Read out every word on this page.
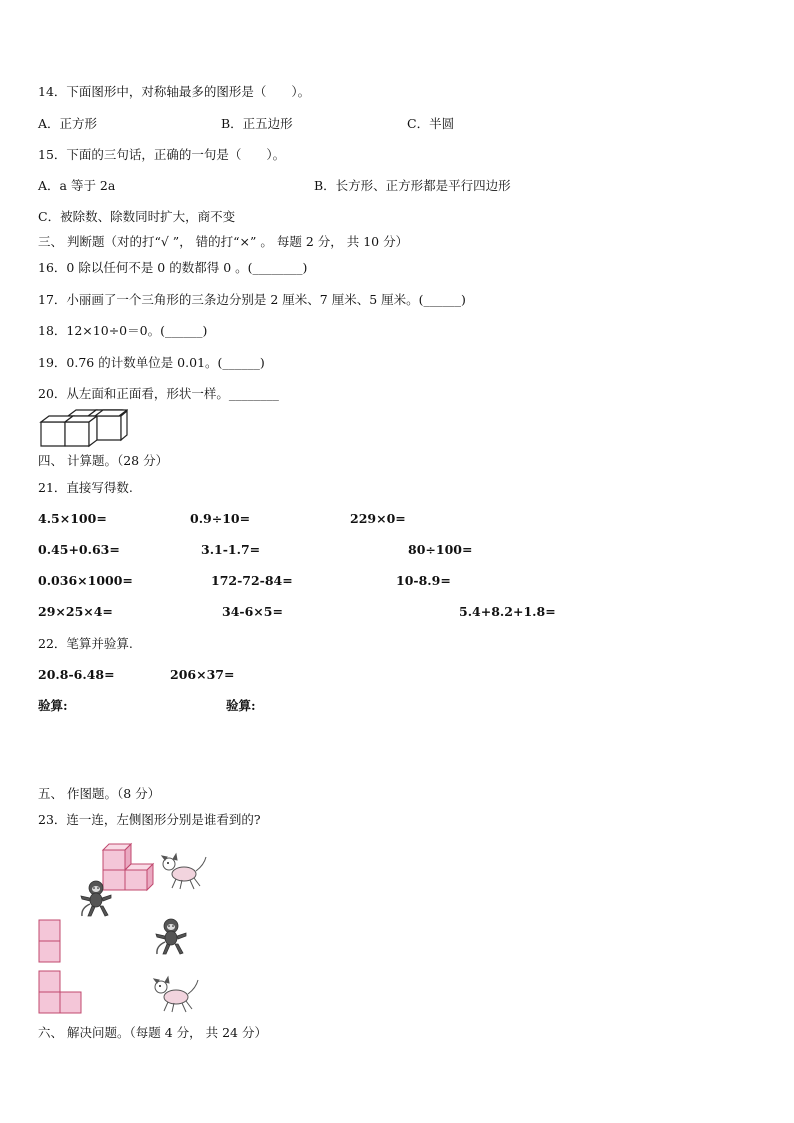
14．下面图形中，对称轴最多的图形是（　　）。
A．正方形	B．正五边形	C．半圆
15．下面的三句话，正确的一句是（　　）。
A．a 等于 2a	B．长方形、正方形都是平行四边形
C．被除数、除数同时扩大，商不变
三、 判断题（对的打“√ ”， 错的打“×” 。 每题 2 分， 共 10 分）
16．0 除以任何不是 0 的数都得 0 。(________)
17．小丽画了一个三角形的三条边分别是 2 厘米、7 厘米、5 厘米。(______)
18．12×10÷0＝0。(______)
19．0.76 的计数单位是 0.01。(______)
20．从左面和正面看，形状一样。________
四、 计算题。（28 分）
21．直接写得数.
4.5×100=	0.9÷10=	229×0=
0.45+0.63=	3.1-1.7=	80÷100=
0.036×1000=	172-72-84=	10-8.9=
29×25×4=	34-6×5=	5.4+8.2+1.8=
22．笔算并验算.
20.8-6.48=	206×37=
验算:	验算:
五、 作图题。（8 分）
23．连一连，左侧图形分别是谁看到的?
六、 解决问题。（每题 4 分， 共 24 分）
